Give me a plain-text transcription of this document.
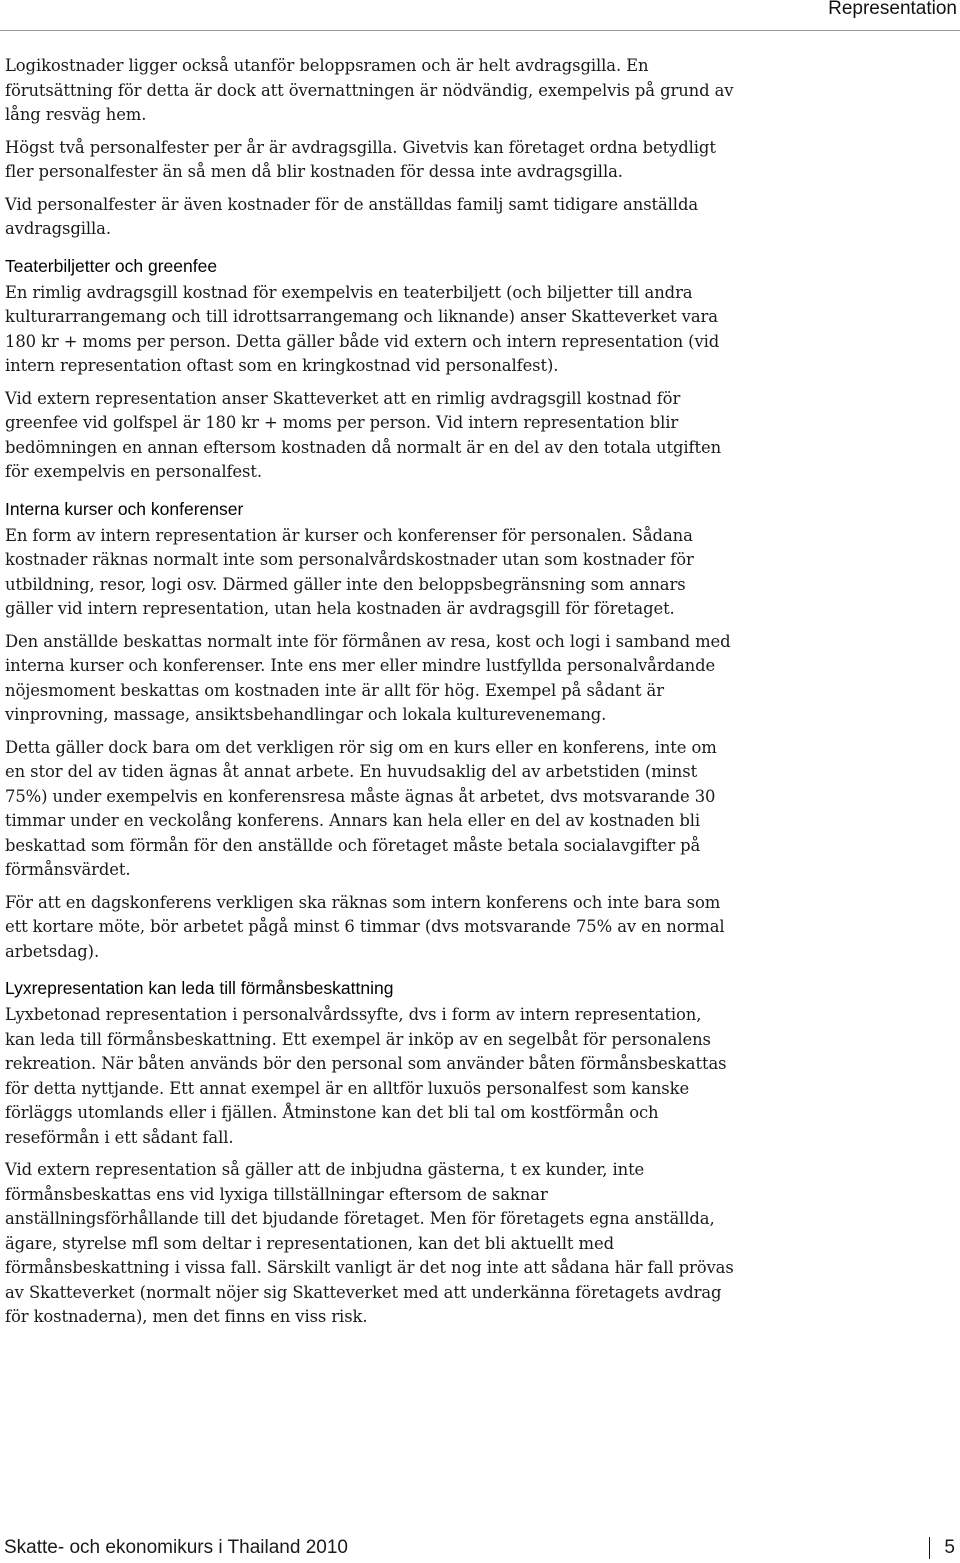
Representation

Logikostnader ligger också utanför beloppsramen och är helt avdragsgilla. En förutsättning för detta är dock att övernattningen är nödvändig, exempelvis på grund av lång resväg hem.

Högst två personalfester per år är avdragsgilla. Givetvis kan företaget ordna betydligt fler personalfester än så men då blir kostnaden för dessa inte avdragsgilla.

Vid personalfester är även kostnader för de anställdas familj samt tidigare anställda avdragsgilla.

Teaterbiljetter och greenfee

En rimlig avdragsgill kostnad för exempelvis en teaterbiljett (och biljetter till andra kulturarrangemang och till idrottsarrangemang och liknande) anser Skatteverket vara 180 kr + moms per person. Detta gäller både vid extern och intern representation (vid intern representation oftast som en kringkostnad vid personalfest).

Vid extern representation anser Skatteverket att en rimlig avdragsgill kostnad för greenfee vid golfspel är 180 kr + moms per person. Vid intern representation blir bedömningen en annan eftersom kostnaden då normalt är en del av den totala utgiften för exempelvis en personalfest.

Interna kurser och konferenser

En form av intern representation är kurser och konferenser för personalen. Sådana kostnader räknas normalt inte som personalvårdskostnader utan som kostnader för utbildning, resor, logi osv. Därmed gäller inte den beloppsbegränsning som annars gäller vid intern representation, utan hela kostnaden är avdragsgill för företaget.

Den anställde beskattas normalt inte för förmånen av resa, kost och logi i samband med interna kurser och konferenser. Inte ens mer eller mindre lustfyllda personalvårdande nöjesmoment beskattas om kostnaden inte är allt för hög. Exempel på sådant är vinprovning, massage, ansiktsbehandlingar och lokala kulturevenemang.

Detta gäller dock bara om det verkligen rör sig om en kurs eller en konferens, inte om en stor del av tiden ägnas åt annat arbete. En huvudsaklig del av arbetstiden (minst 75%) under exempelvis en konferensresa måste ägnas åt arbetet, dvs motsvarande 30 timmar under en veckolång konferens. Annars kan hela eller en del av kostnaden bli beskattad som förmån för den anställde och företaget måste betala socialavgifter på förmånsvärdet.

För att en dagskonferens verkligen ska räknas som intern konferens och inte bara som ett kortare möte, bör arbetet pågå minst 6 timmar (dvs motsvarande 75% av en normal arbetsdag).

Lyxrepresentation kan leda till förmånsbeskattning

Lyxbetonad representation i personalvårdssyfte, dvs i form av intern representation, kan leda till förmånsbeskattning. Ett exempel är inköp av en segelbåt för personalens rekreation. När båten används bör den personal som använder båten förmånsbeskattas för detta nyttjande. Ett annat exempel är en alltför luxuös personalfest som kanske förläggs utomlands eller i fjällen. Åtminstone kan det bli tal om kostförmån och reseförmån i ett sådant fall.

Vid extern representation så gäller att de inbjudna gästerna, t ex kunder, inte förmånsbeskattas ens vid lyxiga tillställningar eftersom de saknar anställningsförhållande till det bjudande företaget. Men för företagets egna anställda, ägare, styrelse mfl som deltar i representationen, kan det bli aktuellt med förmånsbeskattning i vissa fall. Särskilt vanligt är det nog inte att sådana här fall prövas av Skatteverket (normalt nöjer sig Skatteverket med att underkänna företagets avdrag för kostnaderna), men det finns en viss risk.

Skatte- och ekonomikurs i Thailand 2010	5
